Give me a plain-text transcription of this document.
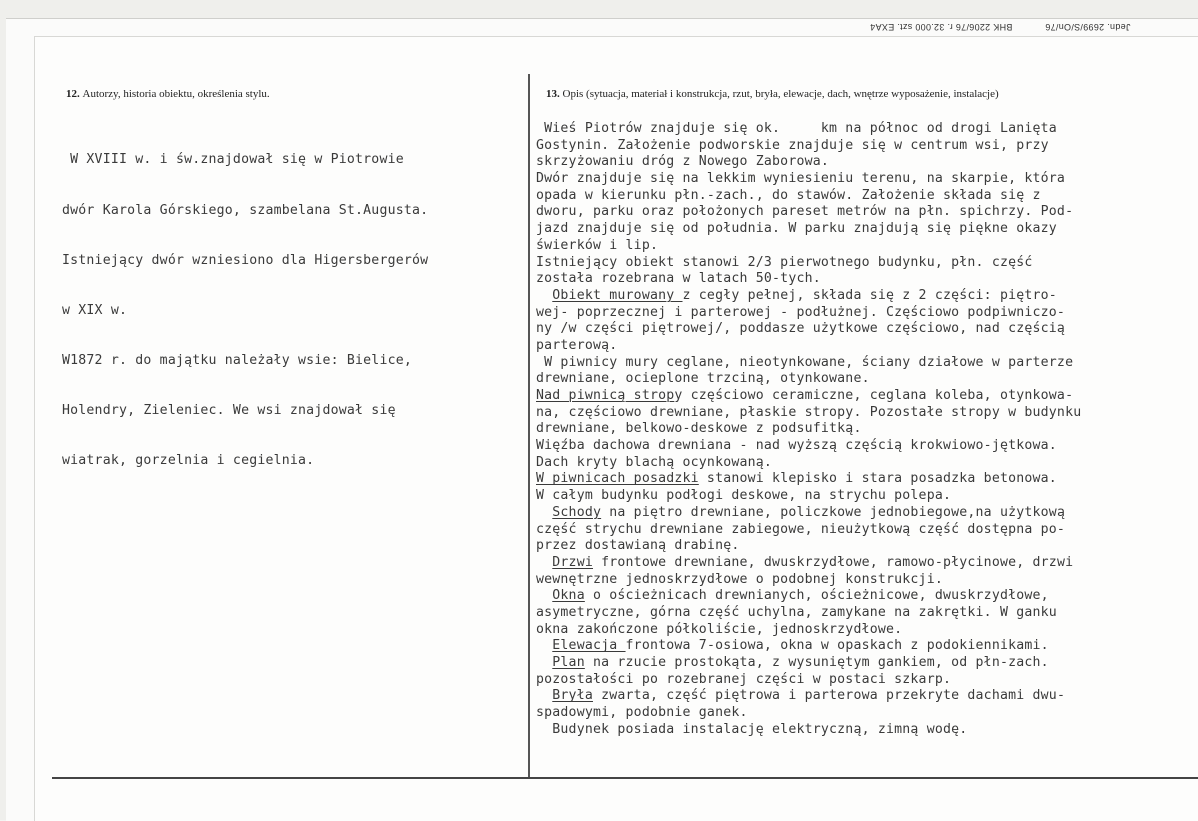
BHK 2206/76 r. 32.000 szt. EXA4	Jedn. 2699/S/On/76
12. Autorzy, historia obiektu, określenia stylu.	13. Opis (sytuacja, materiał i konstrukcja, rzut, bryła, elewacje, dach, wnętrze wyposażenie, instalacje)

W XVIII w. i św.znajdował się w Piotrowie

dwór Karola Górskiego, szambelana St.Augusta.

Istniejący dwór wzniesiono dla Higersbergerów

w XIX w.

W1872 r. do majątku należały wsie: Bielice,

Holendry, Zieleniec. We wsi znajdował się

wiatrak, gorzelnia i cegielnia.

Wieś Piotrów znajduje się ok.     km na północ od drogi Lanięta
Gostynin. Założenie podworskie znajduje się w centrum wsi, przy
skrzyżowaniu dróg z Nowego Zaborowa.
Dwór znajduje się na lekkim wyniesieniu terenu, na skarpie, która
opada w kierunku płn.-zach., do stawów. Założenie składa się z
dworu, parku oraz położonych pareset metrów na płn. spichrzy. Pod-
jazd znajduje się od południa. W parku znajdują się piękne okazy
świerków i lip.
Istniejący obiekt stanowi 2/3 pierwotnego budynku, płn. część
została rozebrana w latach 50-tych.
Obiekt murowany z cegły pełnej, składa się z 2 części: piętro-
wej- poprzecznej i parterowej - podłużnej. Częściowo podpiwniczo-
ny /w części piętrowej/, poddasze użytkowe częściowo, nad częścią
parterową.
W piwnicy mury ceglane, nieotynkowane, ściany działowe w parterze
drewniane, ocieplone trzciną, otynkowane.
Nad piwnicą stropy częściowo ceramiczne, ceglana koleba, otynkowa-
na, częściowo drewniane, płaskie stropy. Pozostałe stropy w budynku
drewniane, belkowo-deskowe z podsufitką.
Więźba dachowa drewniana - nad wyższą częścią krokwiowo-jętkowa.
Dach kryty blachą ocynkowaną.
W piwnicach posadzki stanowi klepisko i stara posadzka betonowa.
W całym budynku podłogi deskowe, na strychu polepa.
Schody na piętro drewniane, policzkowe jednobiegowe,na użytkową
część strychu drewniane zabiegowe, nieużytkową część dostępna po-
przez dostawianą drabinę.
Drzwi frontowe drewniane, dwuskrzydłowe, ramowo-płycinowe, drzwi
wewnętrzne jednoskrzydłowe o podobnej konstrukcji.
Okna o ościeżnicach drewnianych, ościeżnicowe, dwuskrzydłowe,
asymetryczne, górna część uchylna, zamykane na zakrętki. W ganku
okna zakończone półkoliście, jednoskrzydłowe.
Elewacja frontowa 7-osiowa, okna w opaskach z podokiennikami.
Plan na rzucie prostokąta, z wysuniętym gankiem, od płn-zach.
pozostałości po rozebranej części w postaci szkarp.
Bryła zwarta, część piętrowa i parterowa przekryte dachami dwu-
spadowymi, podobnie ganek.
Budynek posiada instalację elektryczną, zimną wodę.
